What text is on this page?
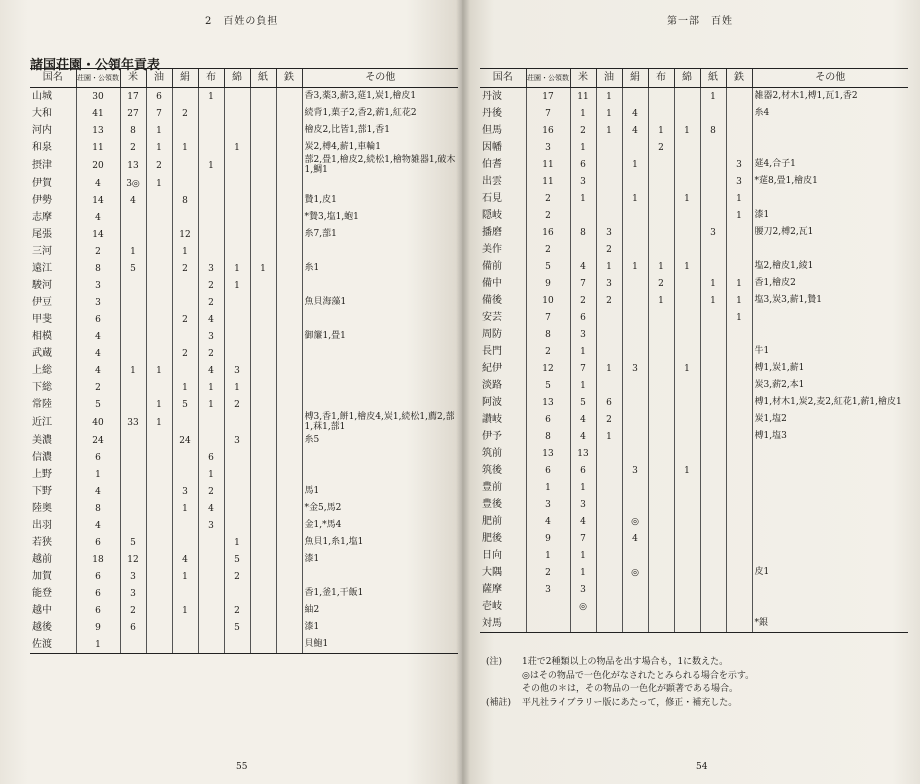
2　百姓の負担
諸国荘園・公領年貢表
国名	荘園・公領数	米	油	絹	布	綿	紙	鉄	その他
山城	30	17	6		1				香3,薬3,薪3,莚1,炭1,檜皮1
大和	41	27	7	2					続背1,菓子2,香2,薪1,紅花2
河内	13	8	1						檜皮2,比皆1,蔀1,香1
和泉	11	2	1	1		1			炭2,榑4,薪1,車輪1
摂津	20	13	2		1				蔀2,畳1,檜皮2,続松1,檜物雑器1,破木1,鯛1
伊賀	4	3◎	1						
伊勢	14	4		8					贄1,皮1
志摩	4								*贄3,塩1,蚫1
尾張	14			12					糸7,蔀1
三河	2	1		1					
遠江	8	5		2	3	1	1		糸1
駿河	3				2	1			
伊豆	3				2				魚貝海藻1
甲斐	6			2	4				
相模	4				3				御簾1,畳1
武蔵	4			2	2				
上総	4	1	1		4	3			
下総	2			1	1	1			
常陸	5		1	5	1	2			
近江	40	33	1						榑3,香1,餅1,檜皮4,炭1,続松1,薦2,蔀1,菻1,蔀1
美濃	24			24		3			糸5
信濃	6				6				
上野	1				1				
下野	4			3	2				馬1
陸奥	8			1	4				*金5,馬2
出羽	4				3				金1,*馬4
若狭	6	5				1			魚貝1,糸1,塩1
越前	18	12		4		5			漆1
加賀	6	3		1		2			
能登	6	3							香1,釜1,干飯1
越中	6	2		1		2			紬2
越後	9	6				5			漆1
佐渡	1								貝鮑1
55
第一部　百姓
国名	荘園・公領数	米	油	絹	布	綿	紙	鉄	その他
丹波	17	11	1				1		雑器2,材木1,榑1,瓦1,香2
丹後	7	1	1	4					糸4
但馬	16	2	1	4	1	1	8		
因幡	3	1			2				
伯耆	11	6		1				3	莚4,合子1
出雲	11	3						3	*莚8,畳1,檜皮1
石見	2	1		1		1		1	
隠岐	2							1	漆1
播磨	16	8	3				3		腰刀2,榑2,瓦1
美作	2		2						
備前	5	4	1	1	1	1			塩2,檜皮1,綾1
備中	9	7	3		2		1	1	香1,檜皮2
備後	10	2	2		1		1	1	塩3,炭3,薪1,贄1
安芸	7	6						1	
周防	8	3							
長門	2	1							牛1
紀伊	12	7	1	3		1			榑1,炭1,薪1
淡路	5	1							炭3,薪2,本1
阿波	13	5	6						榑1,材木1,炭2,麦2,紅花1,薪1,檜皮1
讃岐	6	4	2						炭1,塩2
伊予	8	4	1						榑1,塩3
筑前	13	13							
筑後	6	6		3		1			
豊前	1	1							
豊後	3	3							
肥前	4	4		◎					
肥後	9	7		4					
日向	1	1							
大隅	2	1		◎					皮1
薩摩	3	3							
壱岐		◎							
対馬									*銀
54
(注)	1荘で2種類以上の物品を出す場合も，1に数えた。
◎はその物品で一色化がなされたとみられる場合を示す。
その他の＊は，その物品の一色化が顕著である場合。
(補註)	平凡社ライブラリー版にあたって，修正・補充した。
